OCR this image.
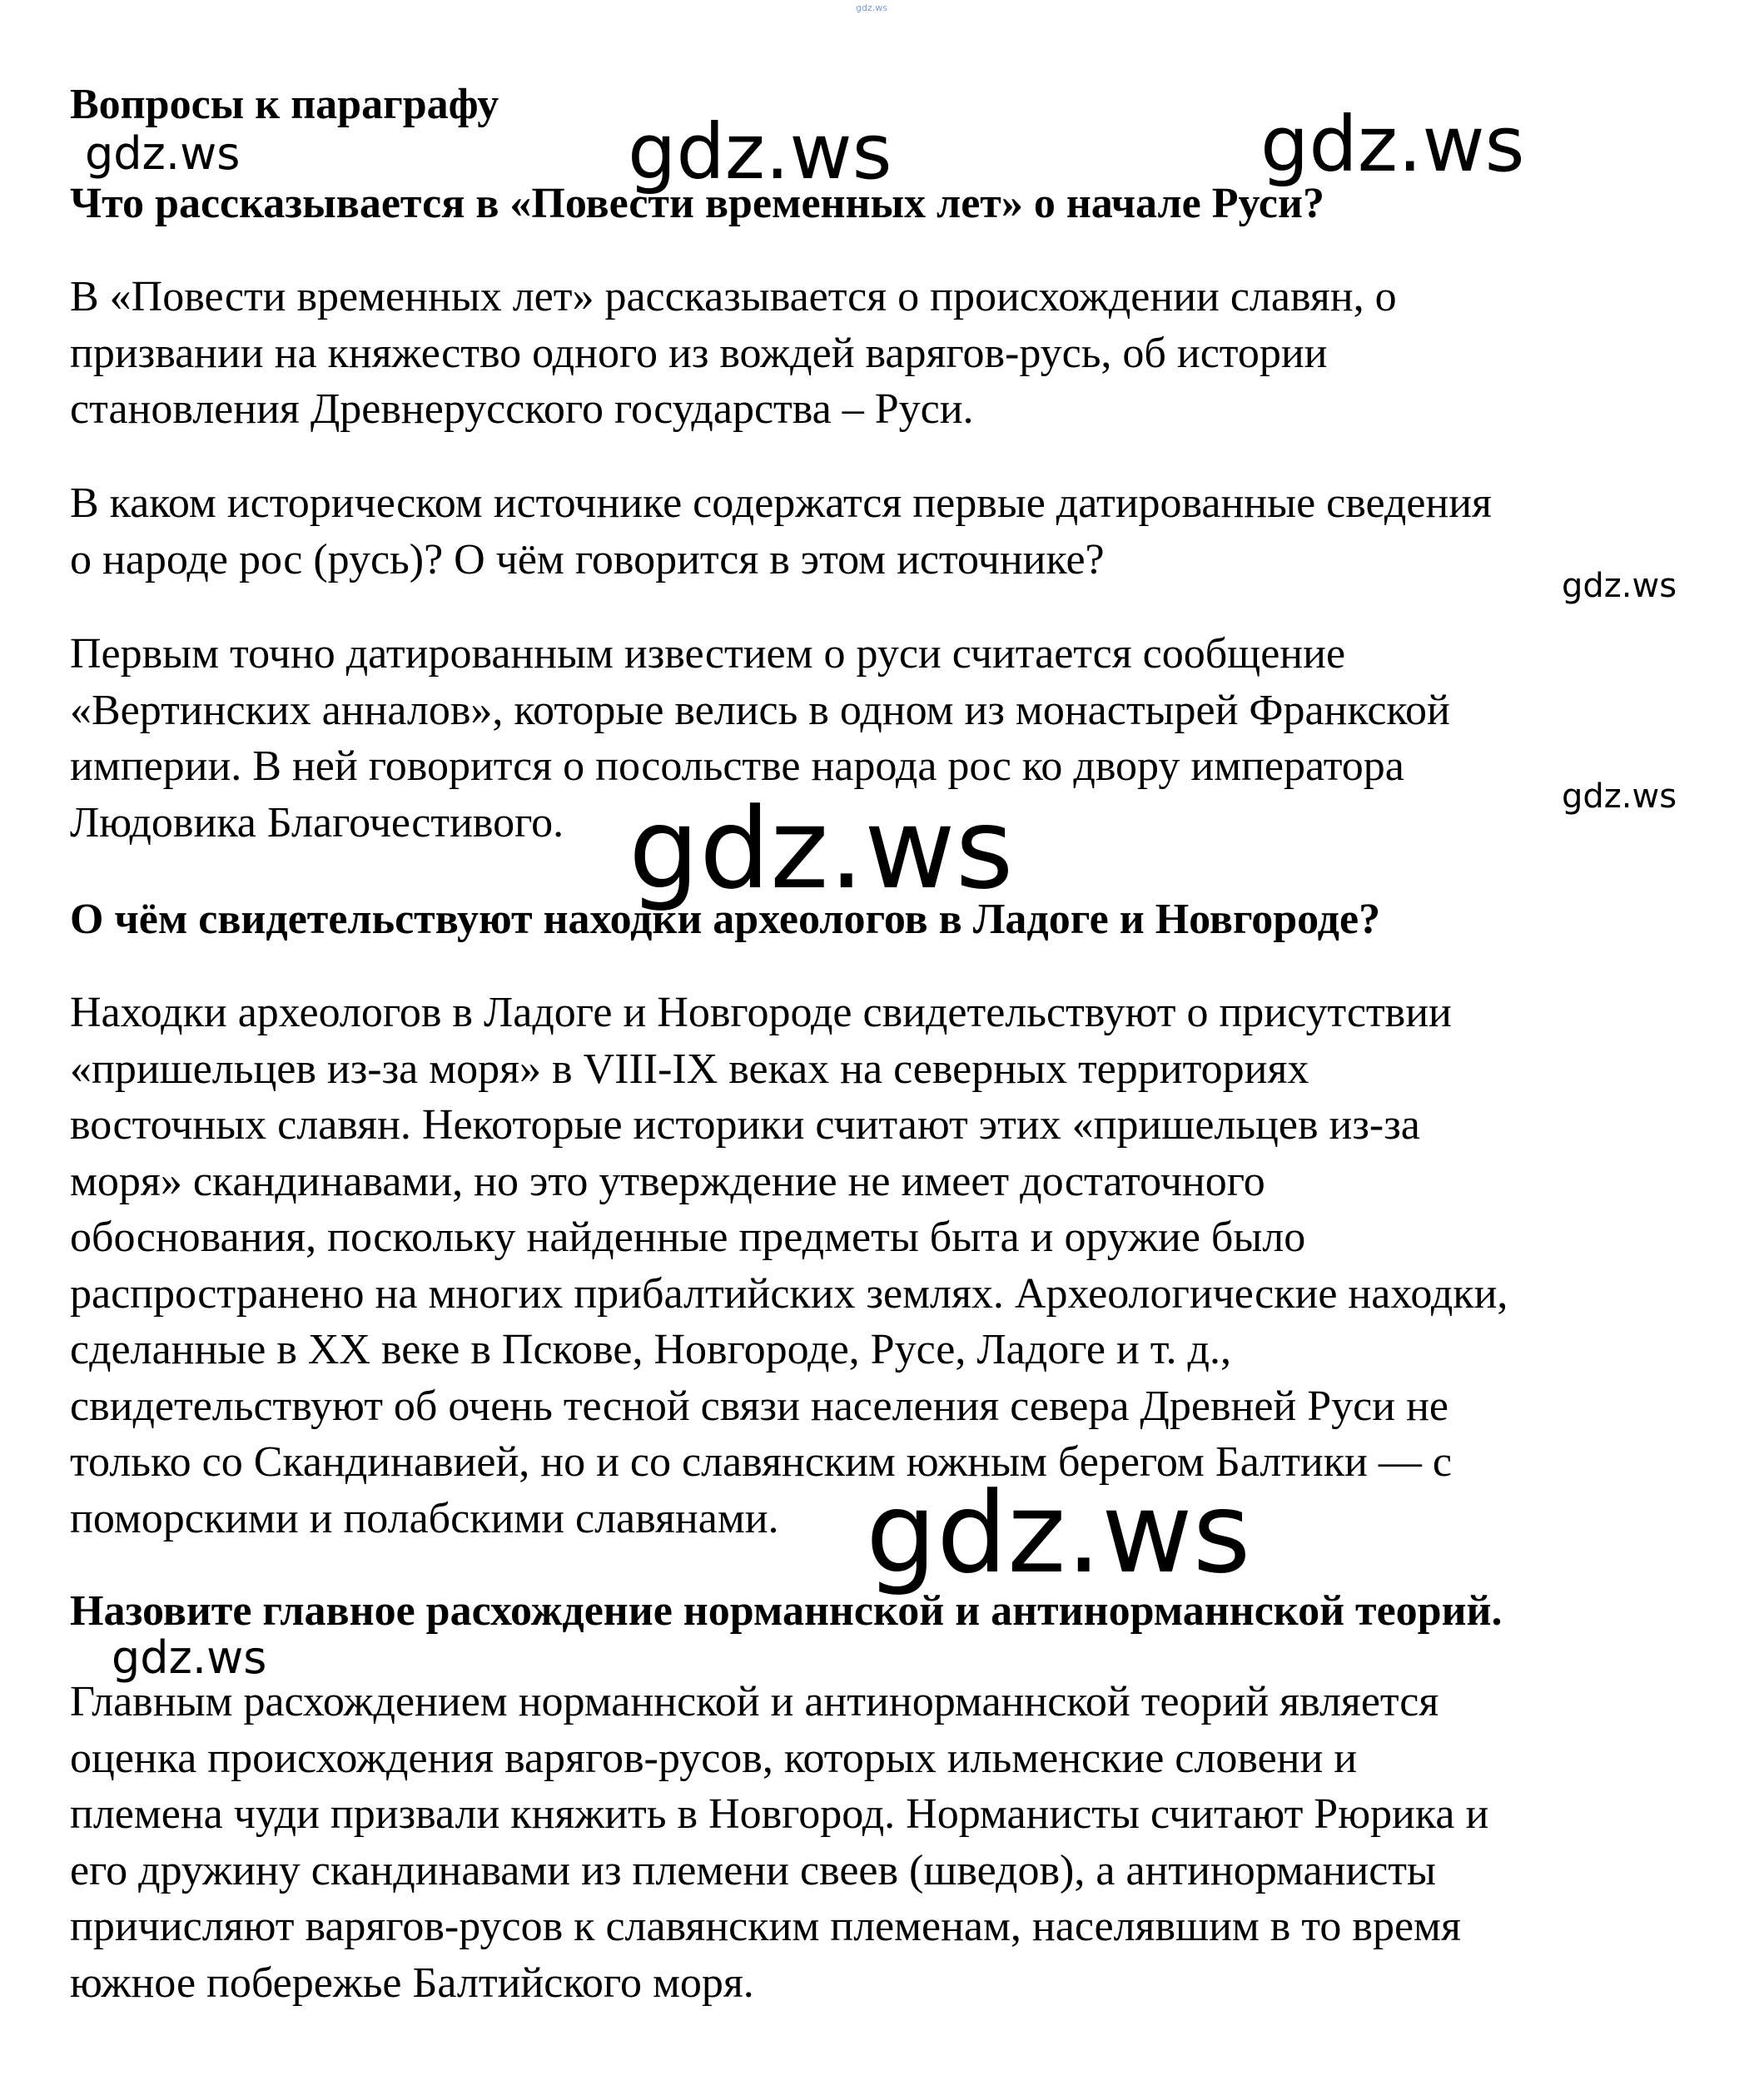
gdz.ws
Вопросы к параграфу
Что рассказывается в «Повести временных лет» о начале Руси?
В «Повести временных лет» рассказывается о происхождении славян, о
призвании на княжество одного из вождей варягов-русь, об истории
становления Древнерусского государства – Руси.
В каком историческом источнике содержатся первые датированные сведения
о народе рос (русь)? О чём говорится в этом источнике?
Первым точно датированным известием о руси считается сообщение
«Вертинских анналов», которые велись в одном из монастырей Франкской
империи. В ней говорится о посольстве народа рос ко двору императора
Людовика Благочестивого.
О чём свидетельствуют находки археологов в Ладоге и Новгороде?
Находки археологов в Ладоге и Новгороде свидетельствуют о присутствии
«пришельцев из-за моря» в VIII-IX веках на северных территориях
восточных славян. Некоторые историки считают этих «пришельцев из-за
моря» скандинавами, но это утверждение не имеет достаточного
обоснования, поскольку найденные предметы быта и оружие было
распространено на многих прибалтийских землях. Археологические находки,
сделанные в XX веке в Пскове, Новгороде, Русе, Ладоге и т. д.,
свидетельствуют об очень тесной связи населения севера Древней Руси не
только со Скандинавией, но и со славянским южным берегом Балтики — с
поморскими и полабскими славянами.
Назовите главное расхождение норманнской и антинорманнской теорий.
Главным расхождением норманнской и антинорманнской теорий является
оценка происхождения варягов-русов, которых ильменские словени и
племена чуди призвали княжить в Новгород. Норманисты считают Рюрика и
его дружину скандинавами из племени свеев (шведов), а антинорманисты
причисляют варягов-русов к славянским племенам, населявшим в то время
южное побережье Балтийского моря.
gdz.ws	gdz.ws	gdz.ws
gdz.ws
gdz.ws
gdz.ws
gdz.ws
gdz.ws
